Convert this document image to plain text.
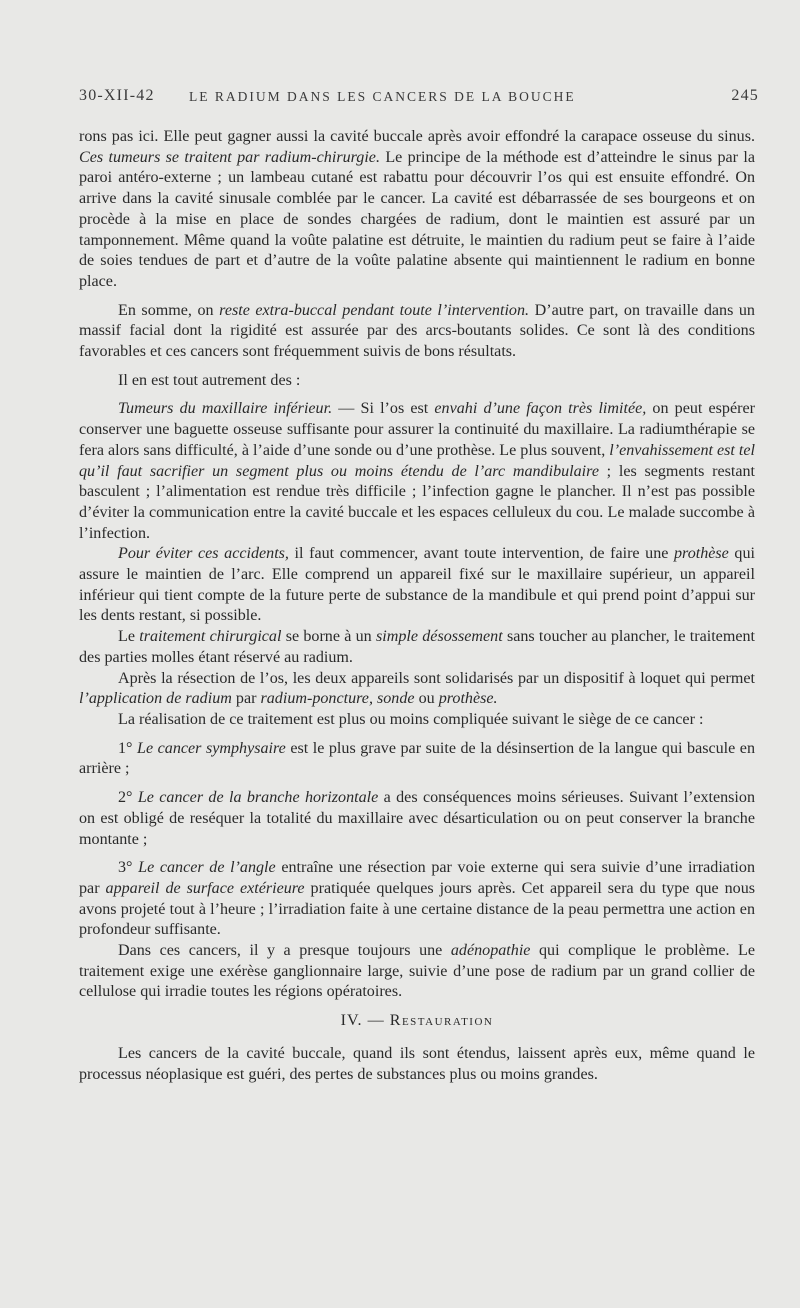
30-XII-42	LE RADIUM DANS LES CANCERS DE LA BOUCHE	245

rons pas ici. Elle peut gagner aussi la cavité buccale après avoir effondré la carapace osseuse du sinus. Ces tumeurs se traitent par radium-chirurgie. Le principe de la méthode est d’atteindre le sinus par la paroi antéro-externe ; un lambeau cutané est rabattu pour découvrir l’os qui est ensuite effondré. On arrive dans la cavité sinusale comblée par le cancer. La cavité est débarrassée de ses bourgeons et on procède à la mise en place de sondes chargées de radium, dont le maintien est assuré par un tamponnement. Même quand la voûte palatine est détruite, le maintien du radium peut se faire à l’aide de soies tendues de part et d’autre de la voûte palatine absente qui maintiennent le radium en bonne place.

En somme, on reste extra-buccal pendant toute l’intervention. D’autre part, on travaille dans un massif facial dont la rigidité est assurée par des arcs-boutants solides. Ce sont là des conditions favorables et ces cancers sont fréquemment suivis de bons résultats.

Il en est tout autrement des :

Tumeurs du maxillaire inférieur. — Si l’os est envahi d’une façon très limitée, on peut espérer conserver une baguette osseuse suffisante pour assurer la continuité du maxillaire. La radiumthérapie se fera alors sans difficulté, à l’aide d’une sonde ou d’une prothèse. Le plus souvent, l’envahissement est tel qu’il faut sacrifier un segment plus ou moins étendu de l’arc mandibulaire ; les segments restant basculent ; l’alimentation est rendue très difficile ; l’infection gagne le plancher. Il n’est pas possible d’éviter la communication entre la cavité buccale et les espaces celluleux du cou. Le malade succombe à l’infection.

Pour éviter ces accidents, il faut commencer, avant toute intervention, de faire une prothèse qui assure le maintien de l’arc. Elle comprend un appareil fixé sur le maxillaire supérieur, un appareil inférieur qui tient compte de la future perte de substance de la mandibule et qui prend point d’appui sur les dents restant, si possible.

Le traitement chirurgical se borne à un simple désossement sans toucher au plancher, le traitement des parties molles étant réservé au radium.

Après la résection de l’os, les deux appareils sont solidarisés par un dispositif à loquet qui permet l’application de radium par radium-poncture, sonde ou prothèse.

La réalisation de ce traitement est plus ou moins compliquée suivant le siège de ce cancer :

1° Le cancer symphysaire est le plus grave par suite de la désinsertion de la langue qui bascule en arrière ;

2° Le cancer de la branche horizontale a des conséquences moins sérieuses. Suivant l’extension on est obligé de reséquer la totalité du maxillaire avec désarticulation ou on peut conserver la branche montante ;

3° Le cancer de l’angle entraîne une résection par voie externe qui sera suivie d’une irradiation par appareil de surface extérieure pratiquée quelques jours après. Cet appareil sera du type que nous avons projeté tout à l’heure ; l’irradiation faite à une certaine distance de la peau permettra une action en profondeur suffisante.

Dans ces cancers, il y a presque toujours une adénopathie qui complique le problème. Le traitement exige une exérèse ganglionnaire large, suivie d’une pose de radium par un grand collier de cellulose qui irradie toutes les régions opératoires.

IV. — Restauration

Les cancers de la cavité buccale, quand ils sont étendus, laissent après eux, même quand le processus néoplasique est guéri, des pertes de substances plus ou moins grandes.
